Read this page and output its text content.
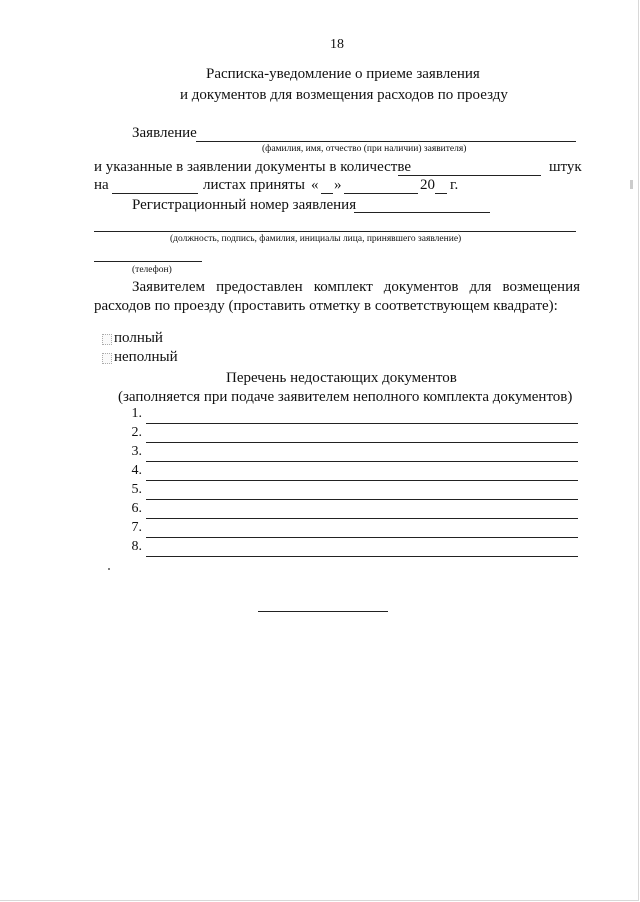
18
Расписка-уведомление о приеме заявления
и документов для возмещения расходов по проезду
Заявление
(фамилия, имя, отчество (при наличии) заявителя)
и указанные в заявлении документы в количестве	штук
на	листах приняты « »	20 г.
Регистрационный номер заявления
(должность, подпись, фамилия, инициалы лица, принявшего заявление)
(телефон)
Заявителем предоставлен комплект документов для возмещения
расходов по проезду (проставить отметку в соответствующем квадрате):
полный
неполный
Перечень недостающих документов
(заполняется при подаче заявителем неполного комплекта документов)
1.
2.
3.
4.
5.
6.
7.
8.
